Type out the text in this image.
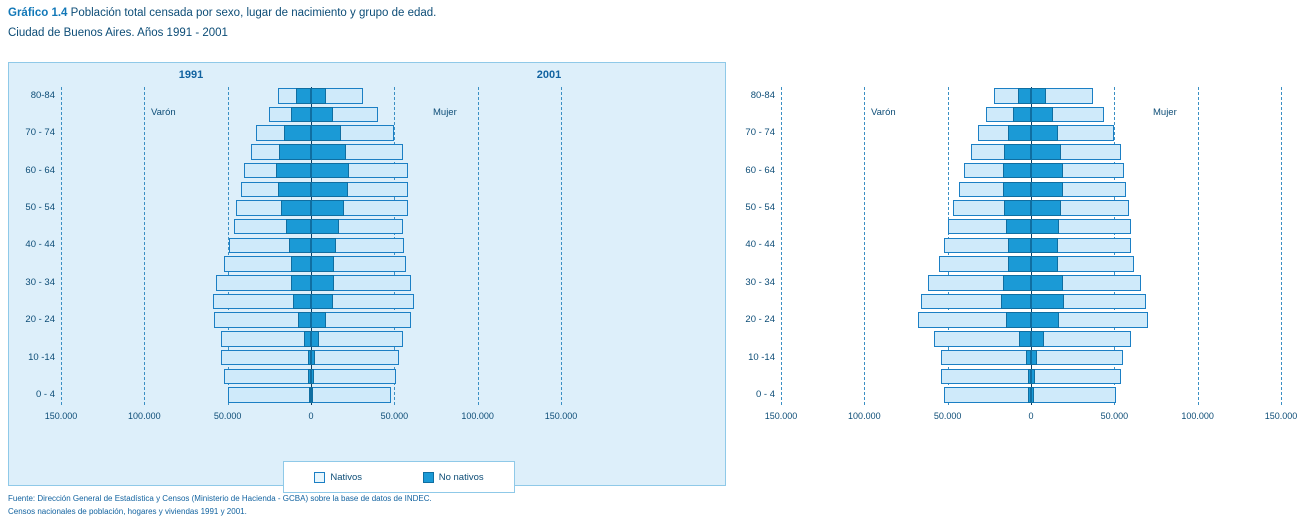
Gráfico 1.4 Población total censada por sexo, lugar de nacimiento y grupo de edad.
Ciudad de Buenos Aires. Años 1991 - 2001
1991
80-84
70 - 74
60 - 64
50 - 54
40 - 44
30 - 34
20 - 24
10 -14
0 - 4
Varón	Mujer
150.000	100.000	50.000	0	50.000	100.000	150.000
2001
80-84
70 - 74
60 - 64
50 - 54
40 - 44
30 - 34
20 - 24
10 -14
0 - 4
Varón	Mujer
150.000	100.000	50.000	0	50.000	100.000	150.000
Nativos	No nativos
Fuente: Dirección General de Estadística y Censos (Ministerio de Hacienda - GCBA) sobre la base de datos de INDEC.
Censos nacionales de población, hogares y viviendas 1991 y 2001.
